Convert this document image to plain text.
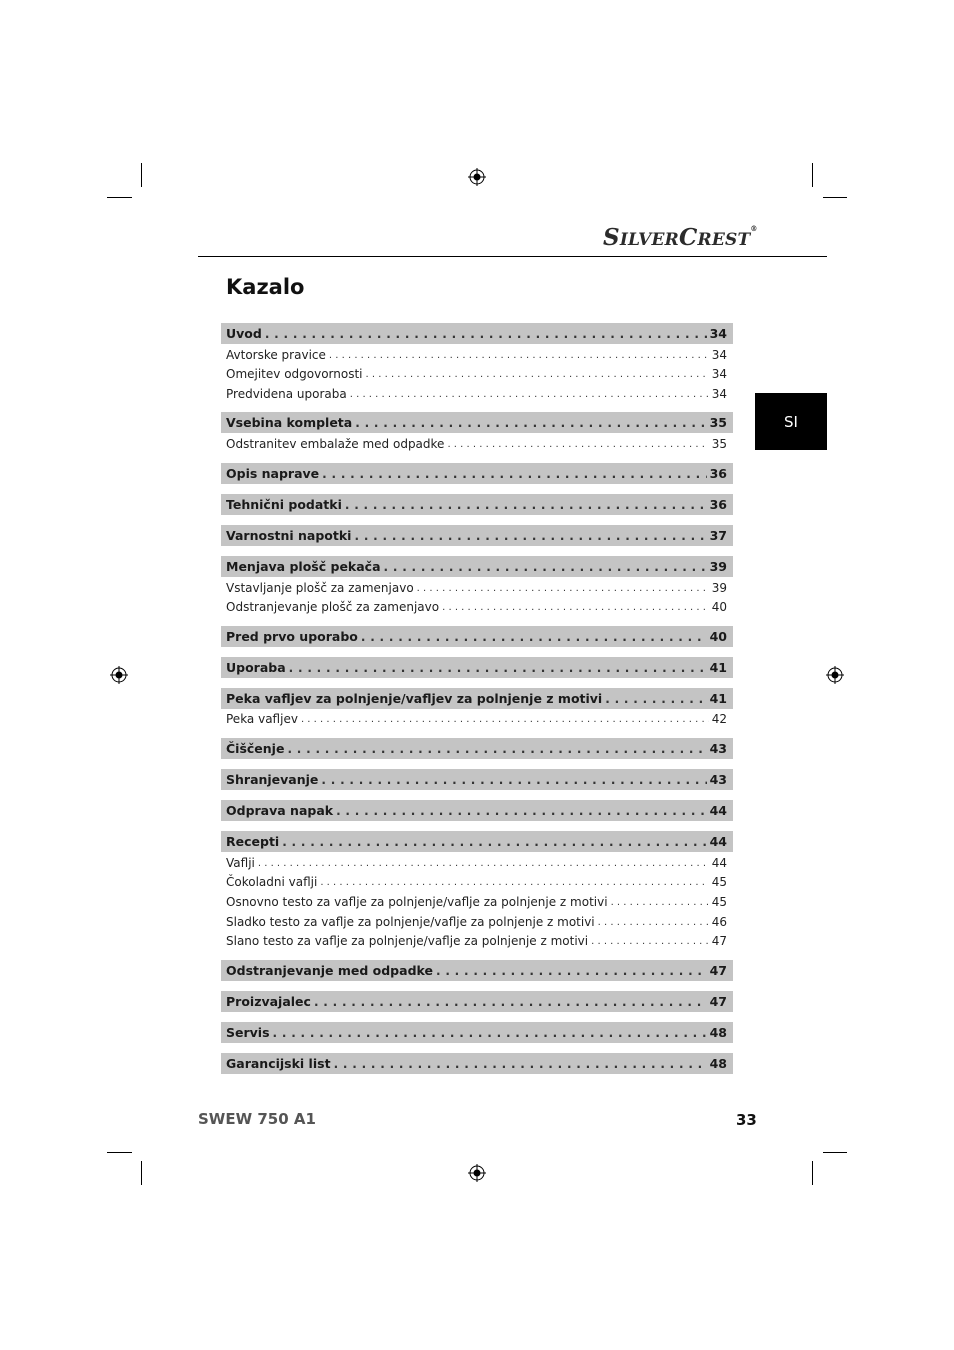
SILVERCREST®
Kazalo
SI
Uvod . . .	34
Avtorske pravice . . .	34
Omejitev odgovornosti . . .	34
Predvidena uporaba . . .	34
Vsebina kompleta . . .	35
Odstranitev embalaže med odpadke . . .	35
Opis naprave . . .	36
Tehnični podatki . . .	36
Varnostni napotki . . .	37
Menjava plošč pekača . . .	39
Vstavljanje plošč za zamenjavo . . .	39
Odstranjevanje plošč za zamenjavo . . .	40
Pred prvo uporabo . . .	40
Uporaba . . .	41
Peka vafljev za polnjenje/vafljev za polnjenje z motivi . . .	41
Peka vafljev . . .	42
Čiščenje . . .	43
Shranjevanje . . .	43
Odprava napak . . .	44
Recepti . . .	44
Vaflji . . .	44
Čokoladni vaflji . . .	45
Osnovno testo za vaflje za polnjenje/vaflje za polnjenje z motivi . . .	45
Sladko testo za vaflje za polnjenje/vaflje za polnjenje z motivi . . .	46
Slano testo za vaflje za polnjenje/vaflje za polnjenje z motivi . . .	47
Odstranjevanje med odpadke . . .	47
Proizvajalec . . .	47
Servis . . .	48
Garancijski list . . .	48
SWEW 750 A1	33
